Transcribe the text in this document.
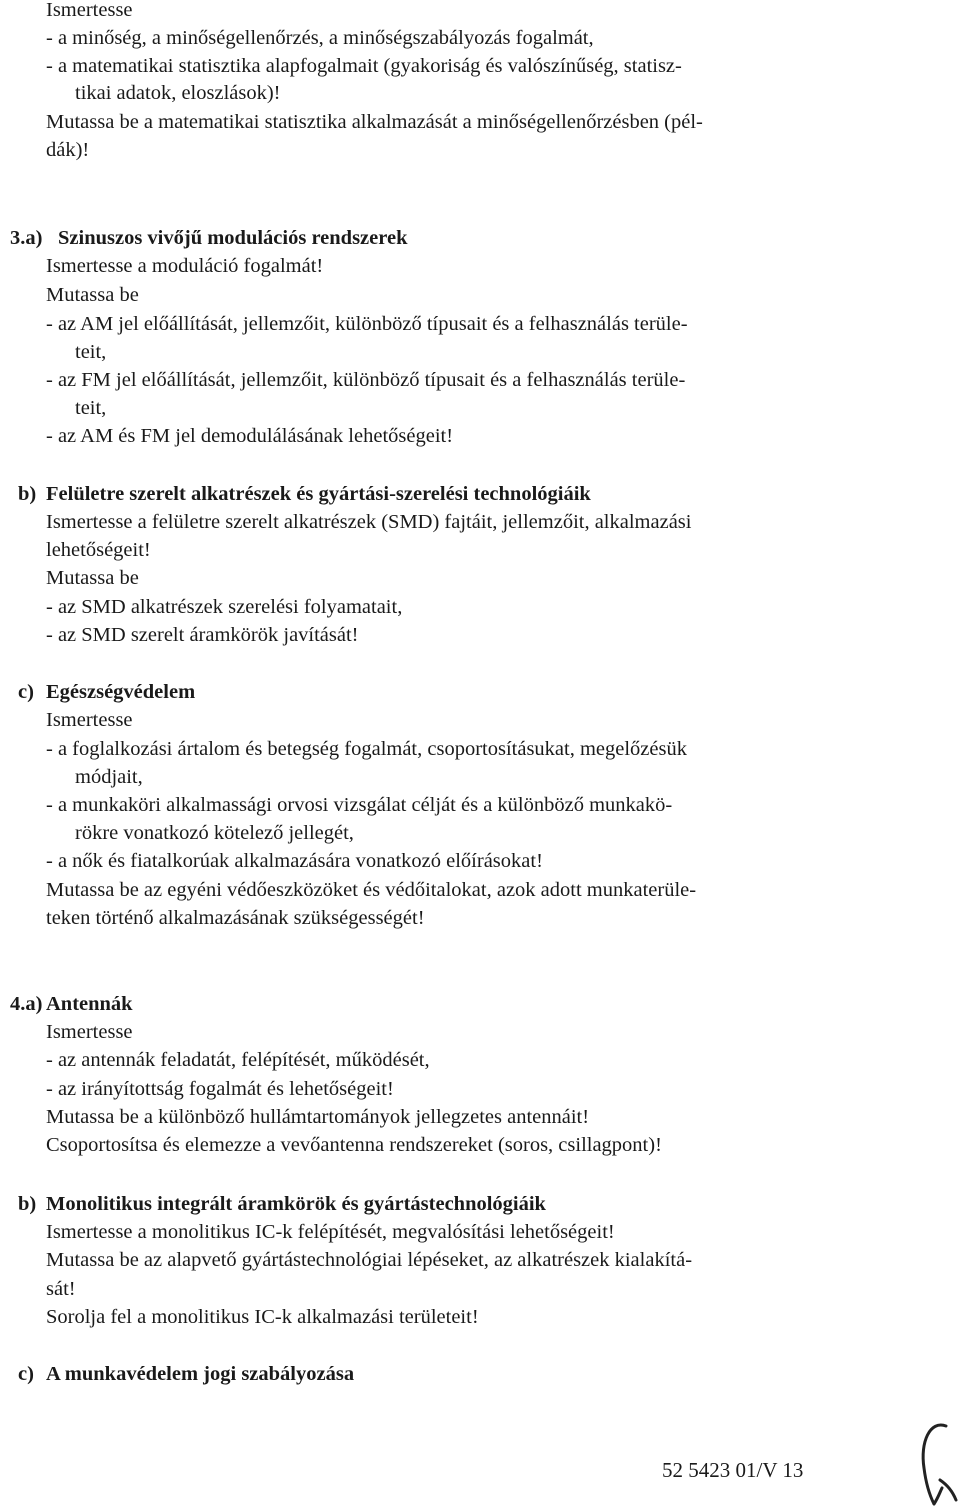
Ismertesse
- a minőség, a minőségellenőrzés, a minőségszabályozás fogalmát,
- a matematikai statisztika alapfogalmait (gyakoriság és valószínűség, statisz-
tikai adatok, eloszlások)!
Mutassa be a matematikai statisztika alkalmazását a minőségellenőrzésben (pél-
dák)!
3.a) Szinuszos vivőjű modulációs rendszerek
Ismertesse a moduláció fogalmát!
Mutassa be
- az AM jel előállítását, jellemzőit, különböző típusait és a felhasználás terüle-
teit,
- az FM jel előállítását, jellemzőit, különböző típusait és a felhasználás terüle-
teit,
- az AM és FM jel demodulálásának lehetőségeit!
b) Felületre szerelt alkatrészek és gyártási-szerelési technológiáik
Ismertesse a felületre szerelt alkatrészek (SMD) fajtáit, jellemzőit, alkalmazási
lehetőségeit!
Mutassa be
- az SMD alkatrészek szerelési folyamatait,
- az SMD szerelt áramkörök javítását!
c) Egészségvédelem
Ismertesse
- a foglalkozási ártalom és betegség fogalmát, csoportosításukat, megelőzésük
módjait,
- a munkaköri alkalmassági orvosi vizsgálat célját és a különböző munkakö-
rökre vonatkozó kötelező jellegét,
- a nők és fiatalkorúak alkalmazására vonatkozó előírásokat!
Mutassa be az egyéni védőeszközöket és védőitalokat, azok adott munkaterüle-
teken történő alkalmazásának szükségességét!
4.a) Antennák
Ismertesse
- az antennák feladatát, felépítését, működését,
- az irányítottság fogalmát és lehetőségeit!
Mutassa be a különböző hullámtartományok jellegzetes antennáit!
Csoportosítsa és elemezze a vevőantenna rendszereket (soros, csillagpont)!
b) Monolitikus integrált áramkörök és gyártástechnológiáik
Ismertesse a monolitikus IC-k felépítését, megvalósítási lehetőségeit!
Mutassa be az alapvető gyártástechnológiai lépéseket, az alkatrészek kialakítá-
sát!
Sorolja fel a monolitikus IC-k alkalmazási területeit!
c) A munkavédelem jogi szabályozása
52 5423 01/V 13
